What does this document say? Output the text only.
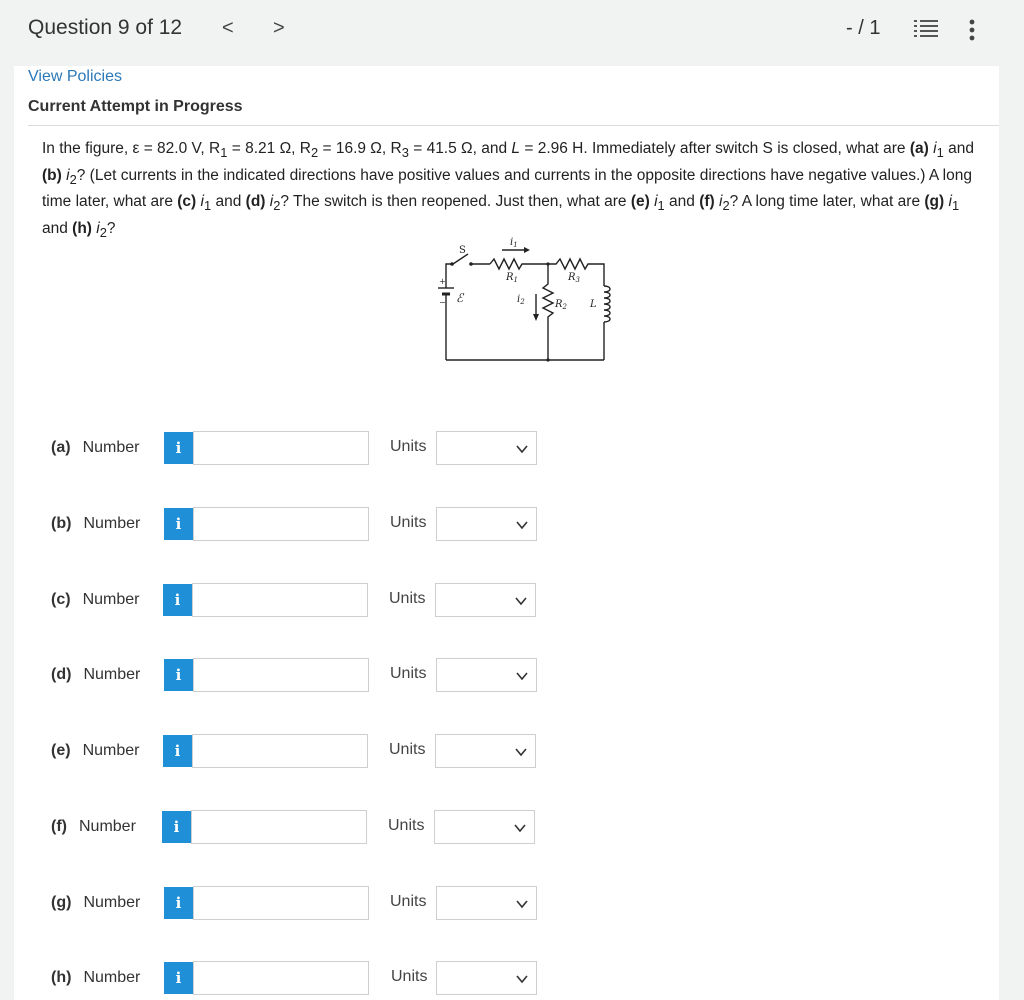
Question 9 of 12 < >	- / 1
View Policies
Current Attempt in Progress
In the figure, ε = 82.0 V, $R_1 = 8.21$ Ω, $R_2 = 16.9$ Ω, $R_3 = 41.5$ Ω, and L = 2.96 H. Immediately after switch S is closed, what are (a) $i_1$ and (b) $i_2$? (Let currents in the indicated directions have positive values and currents in the opposite directions have negative values.) A long time later, what are (c) $i_1$ and (d) $i_2$? The switch is then reopened. Just then, what are (e) $i_1$ and (f) $i_2$? A long time later, what are (g) $i_1$ and (h) $i_2$?
S
$i_1$
$R_1$	$R_3$
$i_2$	$R_2$ L
ℰ
+
−
(a) Number	i	Units
(b) Number	i	Units
(c) Number	i	Units
(d) Number	i	Units
(e) Number	i	Units
(f) Number	i	Units
(g) Number	i	Units
(h) Number	i	Units
